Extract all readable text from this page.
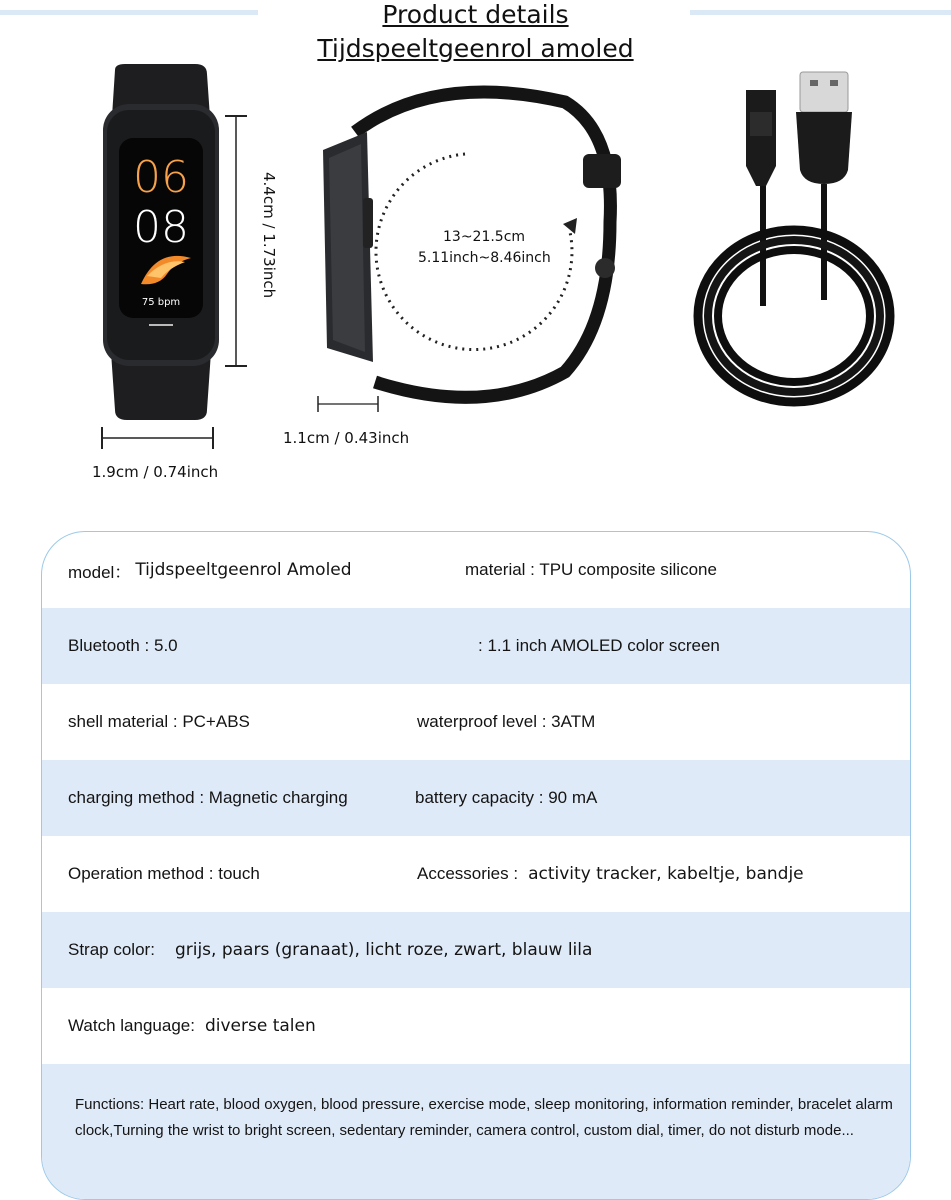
Product details
Tijdspeeltgeenrol amoled
06
08
75 bpm
4.4cm / 1.73inch
1.9cm / 0.74inch
13~21.5cm
5.11inch~8.46inch
1.1cm / 0.43inch
model： Tijdspeeltgeenrol Amoled	material : TPU composite silicone
Bluetooth : 5.0	: 1.1 inch AMOLED color screen
shell material : PC+ABS	waterproof level : 3ATM
charging method : Magnetic charging	battery capacity : 90 mA
Operation method : touch	Accessories : activity tracker, kabeltje, bandje
Strap color: grijs, paars (granaat), licht roze, zwart, blauw lila
Watch language: diverse talen
Functions: Heart rate, blood oxygen, blood pressure, exercise mode, sleep monitoring, information reminder, bracelet alarm clock,Turning the wrist to bright screen, sedentary reminder, camera control, custom dial, timer, do not disturb mode...
